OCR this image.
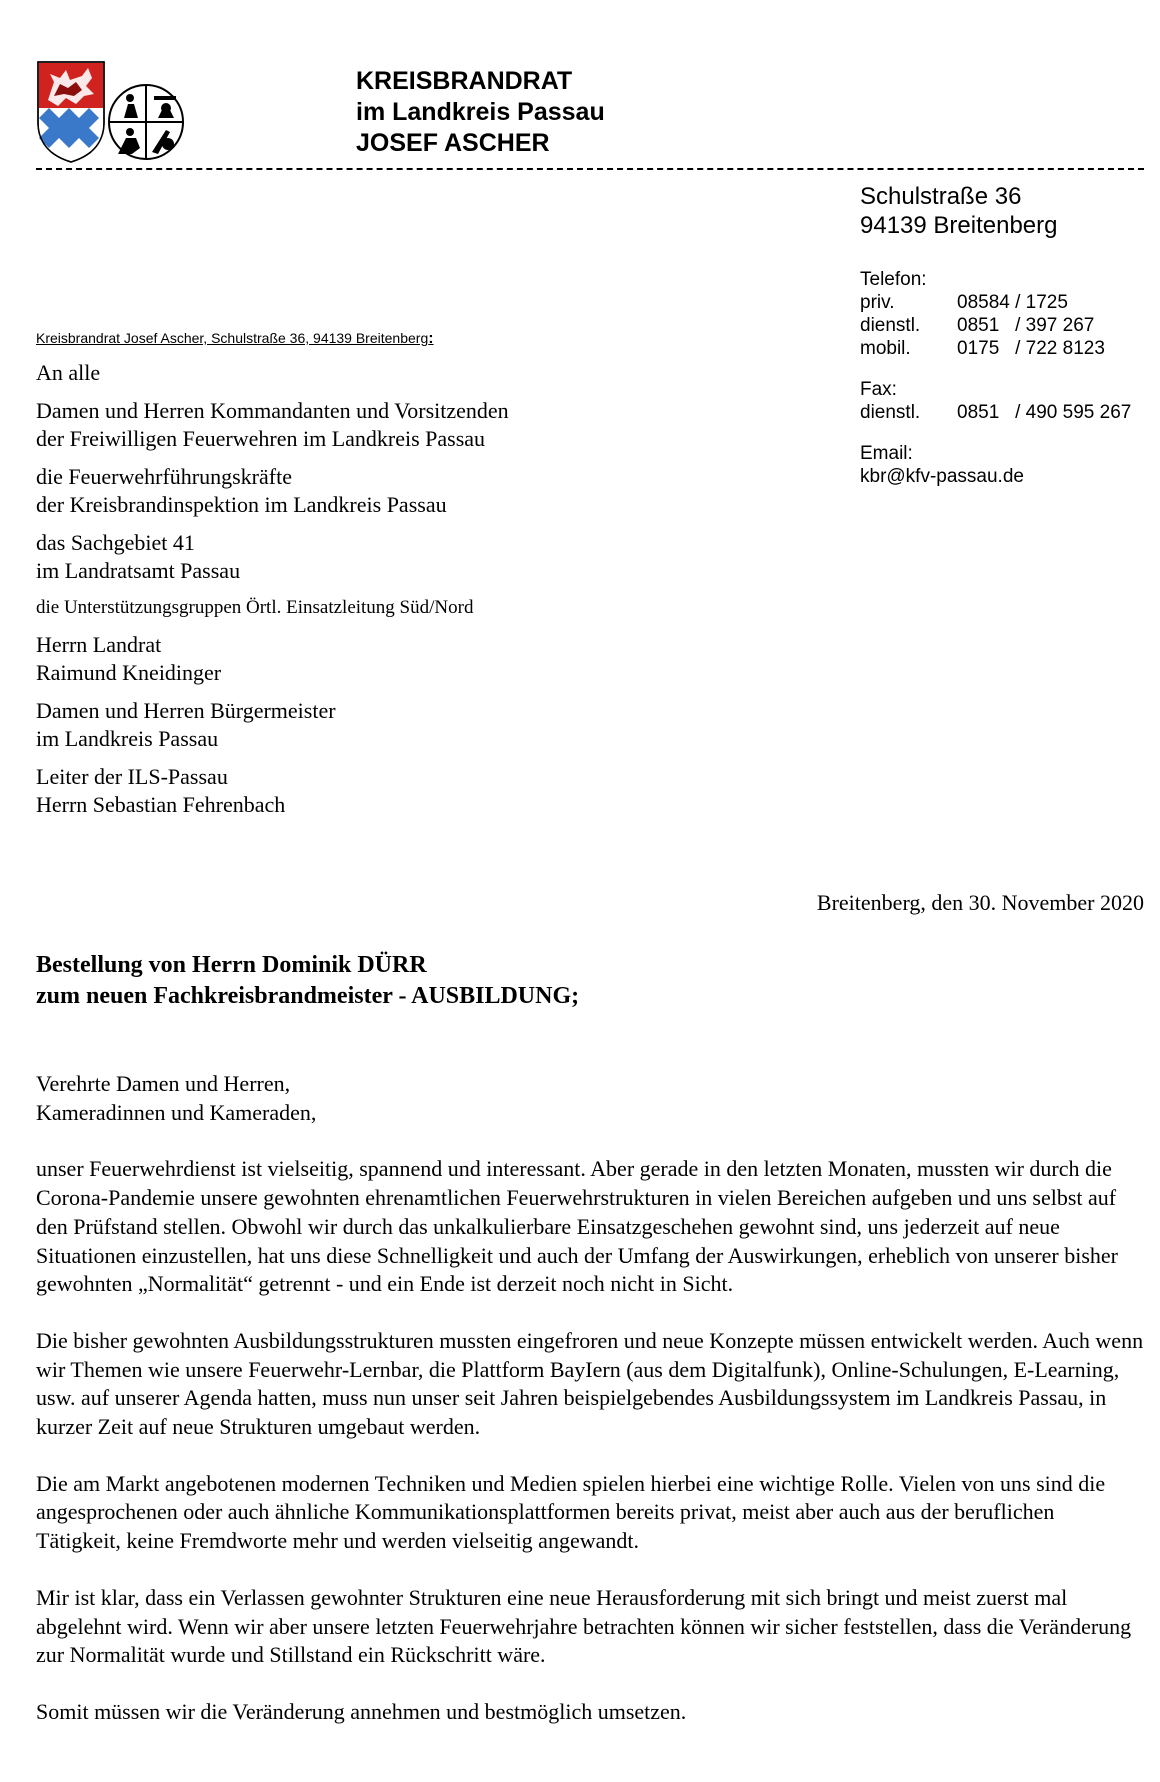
KREISBRANDRAT
im Landkreis Passau
JOSEF ASCHER
Schulstraße 36
94139 Breitenberg
Telefon:
priv.	08584 / 1725
dienstl.	0851   / 397 267
mobil.	0175   / 722 8123
Fax:
dienstl.	0851   / 490 595 267
Email:
kbr@kfv-passau.de
Kreisbrandrat Josef Ascher, Schulstraße 36, 94139 Breitenberg:
An alle
Damen und Herren Kommandanten und Vorsitzenden
der Freiwilligen Feuerwehren im Landkreis Passau
die Feuerwehrführungskräfte
der Kreisbrandinspektion im Landkreis Passau
das Sachgebiet 41
im Landratsamt Passau
die Unterstützungsgruppen Örtl. Einsatzleitung Süd/Nord
Herrn Landrat
Raimund Kneidinger
Damen und Herren Bürgermeister
im Landkreis Passau
Leiter der ILS-Passau
Herrn Sebastian Fehrenbach
Breitenberg, den 30. November 2020
Bestellung von Herrn Dominik DÜRR
zum neuen Fachkreisbrandmeister - AUSBILDUNG;

Verehrte Damen und Herren,
Kameradinnen und Kameraden,

unser Feuerwehrdienst ist vielseitig, spannend und interessant. Aber gerade in den letzten Monaten, mussten wir durch die Corona-Pandemie unsere gewohnten ehrenamtlichen Feuerwehrstrukturen in vielen Bereichen aufgeben und uns selbst auf den Prüfstand stellen. Obwohl wir durch das unkalkulierbare Einsatzgeschehen gewohnt sind, uns jederzeit auf neue Situationen einzustellen, hat uns diese Schnelligkeit und auch der Umfang der Auswirkungen, erheblich von unserer bisher gewohnten „Normalität“ getrennt - und ein Ende ist derzeit noch nicht in Sicht.

Die bisher gewohnten Ausbildungsstrukturen mussten eingefroren und neue Konzepte müssen entwickelt werden. Auch wenn wir Themen wie unsere Feuerwehr-Lernbar, die Plattform BayIern (aus dem Digitalfunk), Online-Schulungen, E-Learning, usw. auf unserer Agenda hatten, muss nun unser seit Jahren beispielgebendes Ausbildungssystem im Landkreis Passau, in kurzer Zeit auf neue Strukturen umgebaut werden.

Die am Markt angebotenen modernen Techniken und Medien spielen hierbei eine wichtige Rolle. Vielen von uns sind die angesprochenen oder auch ähnliche Kommunikationsplattformen bereits privat, meist aber auch aus der beruflichen Tätigkeit, keine Fremdworte mehr und werden vielseitig angewandt.

Mir ist klar, dass ein Verlassen gewohnter Strukturen eine neue Herausforderung mit sich bringt und meist zuerst mal abgelehnt wird. Wenn wir aber unsere letzten Feuerwehrjahre betrachten können wir sicher feststellen, dass die Veränderung zur Normalität wurde und Stillstand ein Rückschritt wäre.

Somit müssen wir die Veränderung annehmen und bestmöglich umsetzen.
